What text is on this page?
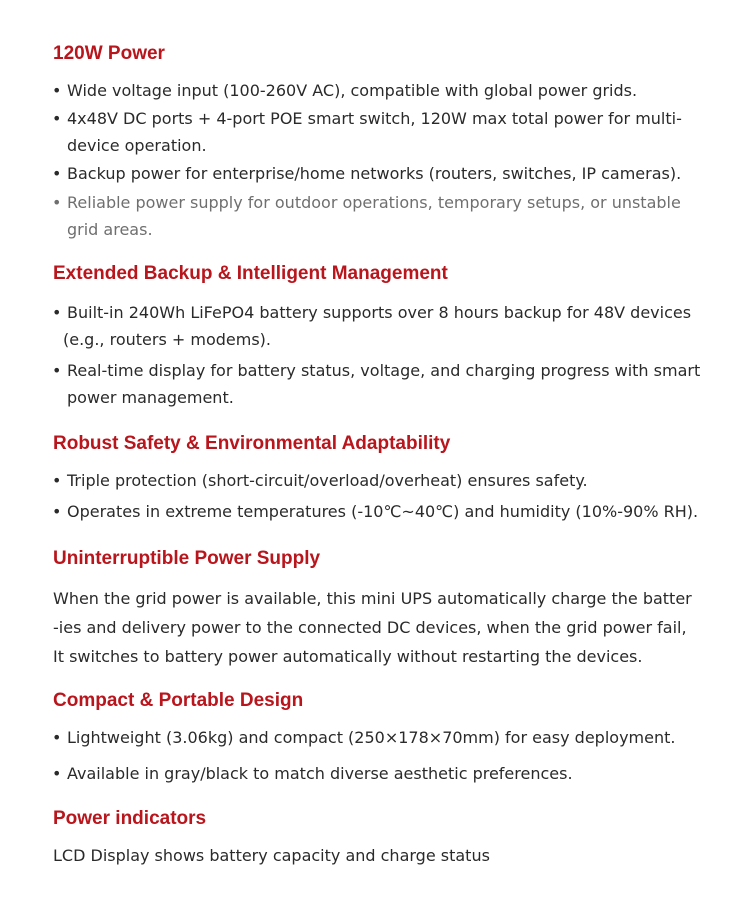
120W Power
• Wide voltage input (100-260V AC), compatible with global power grids.
• 4x48V DC ports + 4-port POE smart switch, 120W max total power for multi-
device operation.
• Backup power for enterprise/home networks (routers, switches, IP cameras).
• Reliable power supply for outdoor operations, temporary setups, or unstable
grid areas.
Extended Backup & Intelligent Management
• Built-in 240Wh LiFePO4 battery supports over 8 hours backup for 48V devices
(e.g., routers + modems).
• Real-time display for battery status, voltage, and charging progress with smart
power management.
Robust Safety & Environmental Adaptability
• Triple protection (short-circuit/overload/overheat) ensures safety.
• Operates in extreme temperatures (-10℃~40℃) and humidity (10%-90% RH).
Uninterruptible Power Supply
When the grid power is available, this mini UPS automatically charge the batter
-ies and delivery power to the connected DC devices, when the grid power fail,
It switches to battery power automatically without restarting the devices.
Compact & Portable Design
• Lightweight (3.06kg) and compact (250×178×70mm) for easy deployment.
• Available in gray/black to match diverse aesthetic preferences.
Power indicators
LCD Display shows battery capacity and charge status
